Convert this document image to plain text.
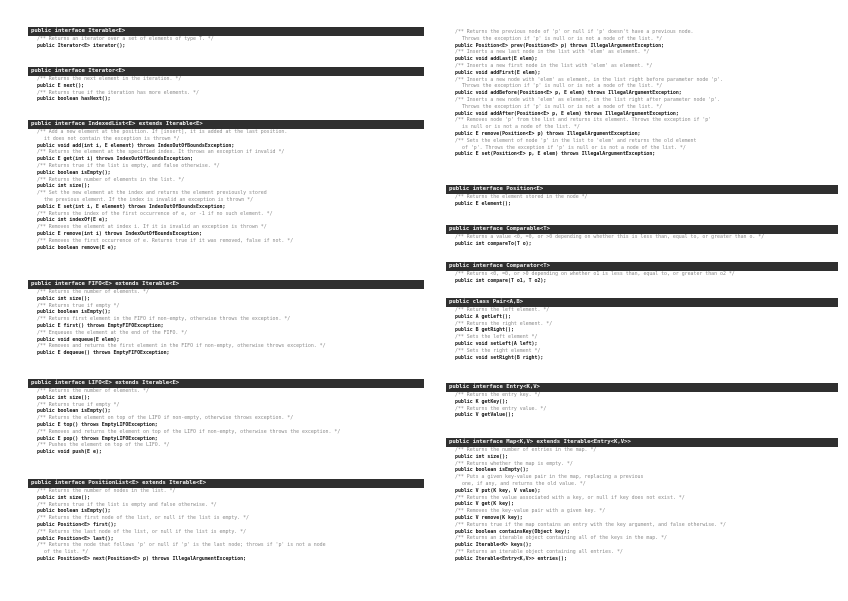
public interface Iterable<E>
/** Returns an iterator over a set of elements of type T. */
public Iterator<E> iterator();
public interface Iterator<E>
/** Returns the next element in the iteration. */
public E next();
/** Returns true if the iteration has more elements. */
public boolean hasNext();
public interface IndexedList<E> extends Iterable<E>
/** Add a new element at the position. If [insert], it is added at the last position.
it does not contain the exception is thrown */
public void add(int i, E element) throws IndexOutOfBoundsException;
/** Returns the element at the specified index. It throws an exception if invalid */
public E get(int i) throws IndexOutOfBoundsException;
/** Returns true if the list is empty, and false otherwise. */
public boolean isEmpty();
/** Returns the number of elements in the list. */
public int size();
/** Set the new element at the index and returns the element previously stored
the previous element. If the index is invalid an exception is thrown */
public E set(int i, E element) throws IndexOutOfBoundsException;
/** Returns the index of the first occurrence of e, or -1 if no such element. */
public int indexOf(E e);
/** Removes the element at index i. If it is invalid an exception is thrown */
public E remove(int i) throws IndexOutOfBoundsException;
/** Removes the first occurrence of e. Returns true if it was removed, false if not. */
public boolean remove(E e);
public interface FIFO<E> extends Iterable<E>
/** Returns the number of elements. */
public int size();
/** Returns true if empty */
public boolean isEmpty();
/** Returns first element in the FIFO if non-empty, otherwise throws the exception. */
public E first() throws EmptyFIFOException;
/** Enqueues the element at the end of the FIFO. */
public void enqueue(E elem);
/** Removes and returns the first element in the FIFO if non-empty, otherwise throws exception. */
public E dequeue() throws EmptyFIFOException;
public interface LIFO<E> extends Iterable<E>
/** Returns the number of elements. */
public int size();
/** Returns true if empty */
public boolean isEmpty();
/** Returns the element on top of the LIFO if non-empty, otherwise throws exception. */
public E top() throws EmptyLIFOException;
/** Removes and returns the element on top of the LIFO if non-empty, otherwise throws the exception. */
public E pop() throws EmptyLIFOException;
/** Pushes the element on top of the LIFO. */
public void push(E e);
public interface PositionList<E> extends Iterable<E>
/** Returns the number of nodes in the list. */
public int size();
/** Returns true if the list is empty and false otherwise. */
public boolean isEmpty();
/** Returns the first node of the list, or null if the list is empty. */
public Position<E> first();
/** Returns the last node of the list, or null if the list is empty. */
public Position<E> last();
/** Returns the node that follows 'p' or null if 'p' is the last node; throws if 'p' is not a node
of the list. */
public Position<E> next(Position<E> p) throws IllegalArgumentException;
/** Returns the previous node of 'p' or null if 'p' doesn't have a previous node.
Throws the exception if 'p' is null or is not a node of the list. */
public Position<E> prev(Position<E> p) throws IllegalArgumentException;
/** Inserts a new last node in the list with 'elem' as element. */
public void addLast(E elem);
/** Inserts a new first node in the list with 'elem' as element. */
public void addFirst(E elem);
/** Inserts a new node with 'elem' as element, in the list right before parameter node 'p'.
Throws the exception if 'p' is null or is not a node of the list. */
public void addBefore(Position<E> p, E elem) throws IllegalArgumentException;
/** Inserts a new node with 'elem' as element, in the list right after parameter node 'p'.
Throws the exception if 'p' is null or is not a node of the list. */
public void addAfter(Position<E> p, E elem) throws IllegalArgumentException;
/** Removes node 'p' from the list and returns its element. Throws the exception if 'p'
is null or is not a node of the list. */
public E remove(Position<E> p) throws IllegalArgumentException;
/** Sets the element of node 'p' in the list to 'elem' and returns the old element
of 'p'. Throws the exception if 'p' is null or is not a node of the list. */
public E set(Position<E> p, E elem) throws IllegalArgumentException;
public interface Position<E>
/** Returns the element stored in the node */
public E element();
public interface Comparable<T>
/** Returns a value <0, =0, or >0 depending on whether this is less than, equal to, or greater than o. */
public int compareTo(T o);
public interface Comparator<T>
/** Returns <0, =0, or >0 depending on whether o1 is less than, equal to, or greater than o2 */
public int compare(T o1, T o2);
public class Pair<A,B>
/** Returns the left element. */
public A getLeft();
/** Returns the right element. */
public B getRight();
/** Sets the left element */
public void setLeft(A left);
/** Sets the right element */
public void setRight(B right);
public interface Entry<K,V>
/** Returns the entry key. */
public K getKey();
/** Returns the entry value. */
public V getValue();
public interface Map<K,V> extends Iterable<Entry<K,V>>
/** Returns the number of entries in the map. */
public int size();
/** Returns whether the map is empty. */
public boolean isEmpty();
/** Puts a given key-value pair in the map, replacing a previous
one, if any, and returns the old value. */
public V put(K key, V value);
/** Returns the value associated with a key, or null if key does not exist. */
public V get(K key);
/** Removes the key-value pair with a given key. */
public V remove(K key);
/** Returns true if the map contains an entry with the key argument, and false otherwise. */
public boolean containsKey(Object key);
/** Returns an iterable object containing all of the keys in the map. */
public Iterable<K> keys();
/** Returns an iterable object containing all entries. */
public Iterable<Entry<K,V>> entries();
